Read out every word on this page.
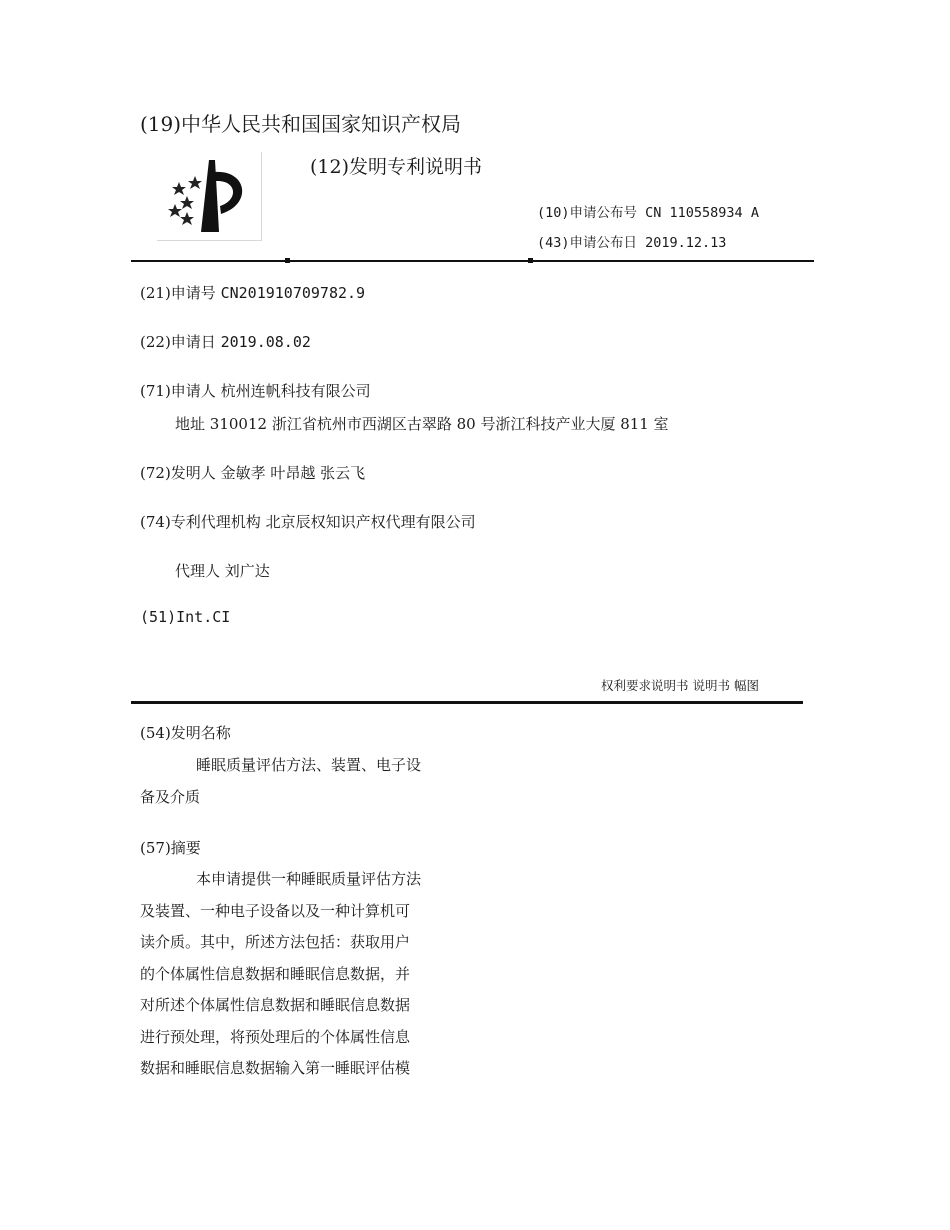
(19)中华人民共和国国家知识产权局
(12)发明专利说明书
(10)申请公布号 CN 110558934 A
(43)申请公布日 2019.12.13
(21)申请号 CN201910709782.9
(22)申请日 2019.08.02
(71)申请人 杭州连帆科技有限公司
地址 310012 浙江省杭州市西湖区古翠路 80 号浙江科技产业大厦 811 室
(72)发明人 金敏孝 叶昂越 张云飞
(74)专利代理机构 北京辰权知识产权代理有限公司
代理人 刘广达
(51)Int.CI
权利要求说明书 说明书 幅图
(54)发明名称
睡眠质量评估方法、装置、电子设
备及介质
(57)摘要
本申请提供一种睡眠质量评估方法
及装置、一种电子设备以及一种计算机可
读介质。其中，所述方法包括：获取用户
的个体属性信息数据和睡眠信息数据，并
对所述个体属性信息数据和睡眠信息数据
进行预处理，将预处理后的个体属性信息
数据和睡眠信息数据输入第一睡眠评估模
